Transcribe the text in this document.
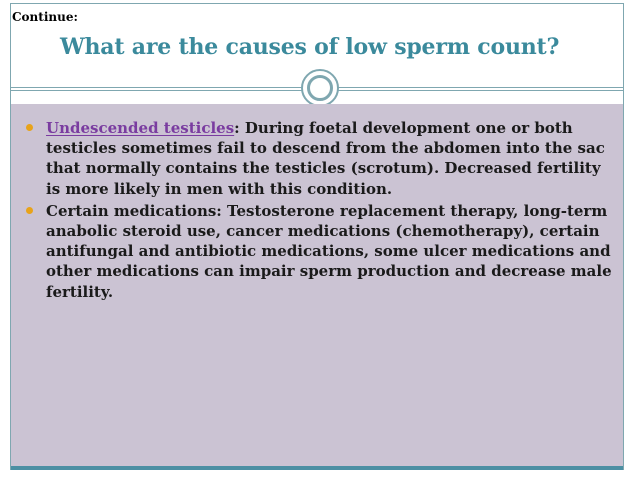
Continue:
What are the causes of low sperm count?
Undescended testicles: During foetal development one or both testicles sometimes fail to descend from the abdomen into the sac that normally contains the testicles (scrotum). Decreased fertility is more likely in men with this condition.
Certain medications: Testosterone replacement therapy, long-term anabolic steroid use, cancer medications (chemotherapy), certain antifungal and antibiotic medications, some ulcer medications and other medications can impair sperm production and decrease male fertility.
